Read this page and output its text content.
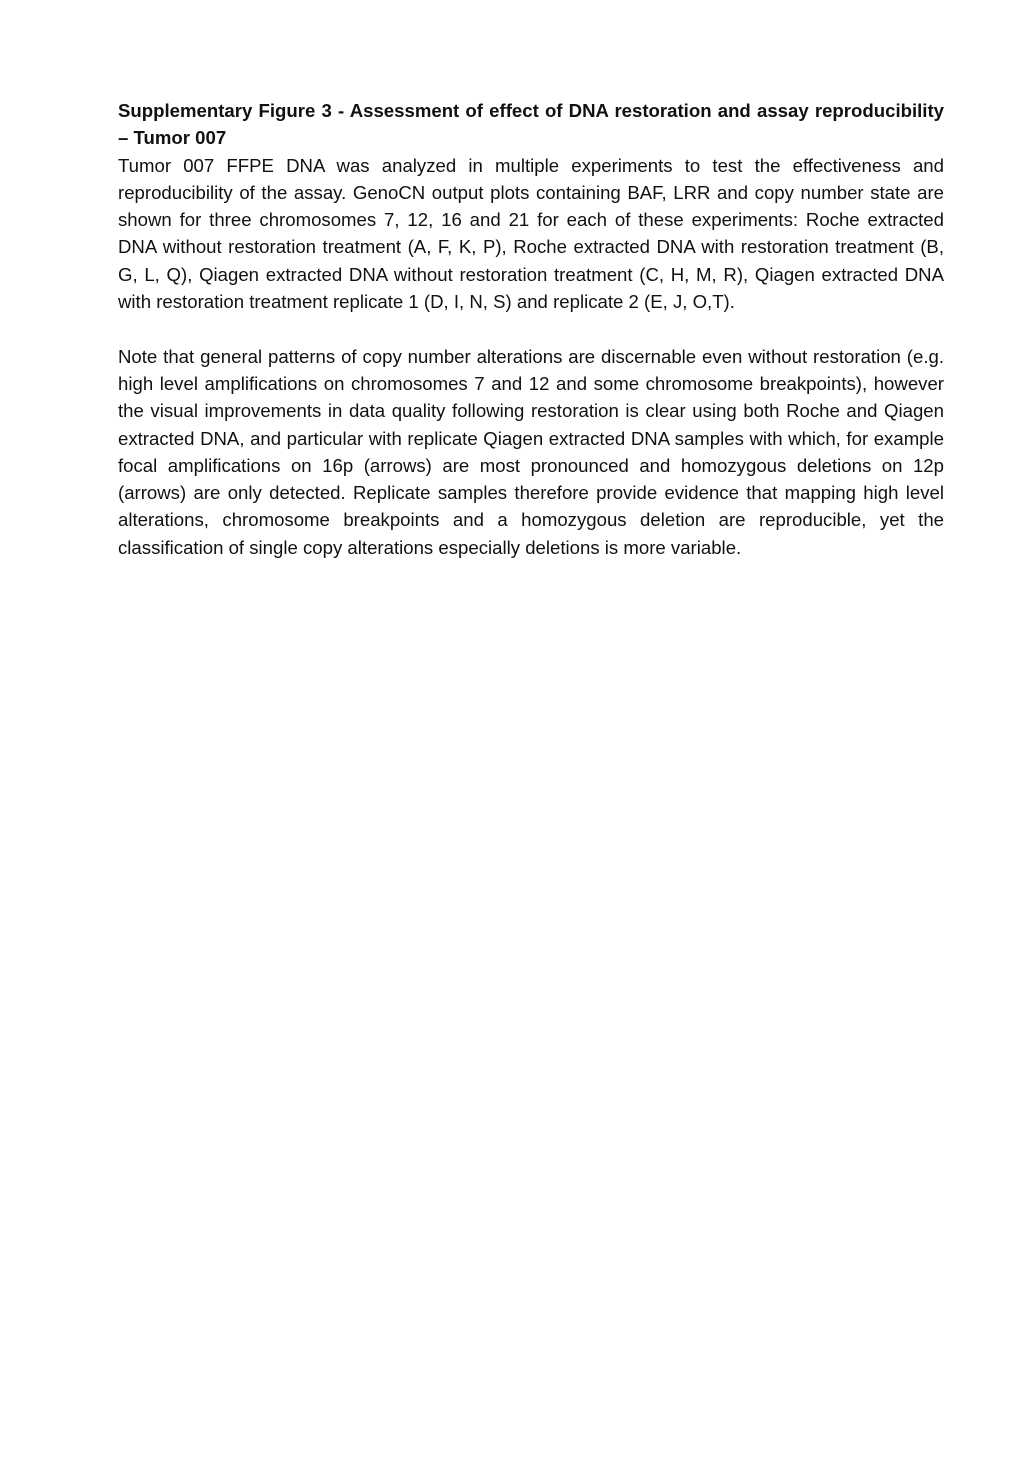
Supplementary Figure 3 - Assessment of effect of DNA restoration and assay reproducibility – Tumor 007

Tumor 007 FFPE DNA was analyzed in multiple experiments to test the effectiveness and reproducibility of the assay. GenoCN output plots containing BAF, LRR and copy number state are shown for three chromosomes 7, 12, 16 and 21 for each of these experiments: Roche extracted DNA without restoration treatment (A, F, K, P), Roche extracted DNA with restoration treatment (B, G, L, Q), Qiagen extracted DNA without restoration treatment (C, H, M, R), Qiagen extracted DNA with restoration treatment replicate 1 (D, I, N, S) and replicate 2 (E, J, O,T).

Note that general patterns of copy number alterations are discernable even without restoration (e.g. high level amplifications on chromosomes 7 and 12 and some chromosome breakpoints), however the visual improvements in data quality following restoration is clear using both Roche and Qiagen extracted DNA, and particular with replicate Qiagen extracted DNA samples with which, for example focal amplifications on 16p (arrows) are most pronounced and homozygous deletions on 12p (arrows) are only detected. Replicate samples therefore provide evidence that mapping high level alterations, chromosome breakpoints and a homozygous deletion are reproducible, yet the classification of single copy alterations especially deletions is more variable.
